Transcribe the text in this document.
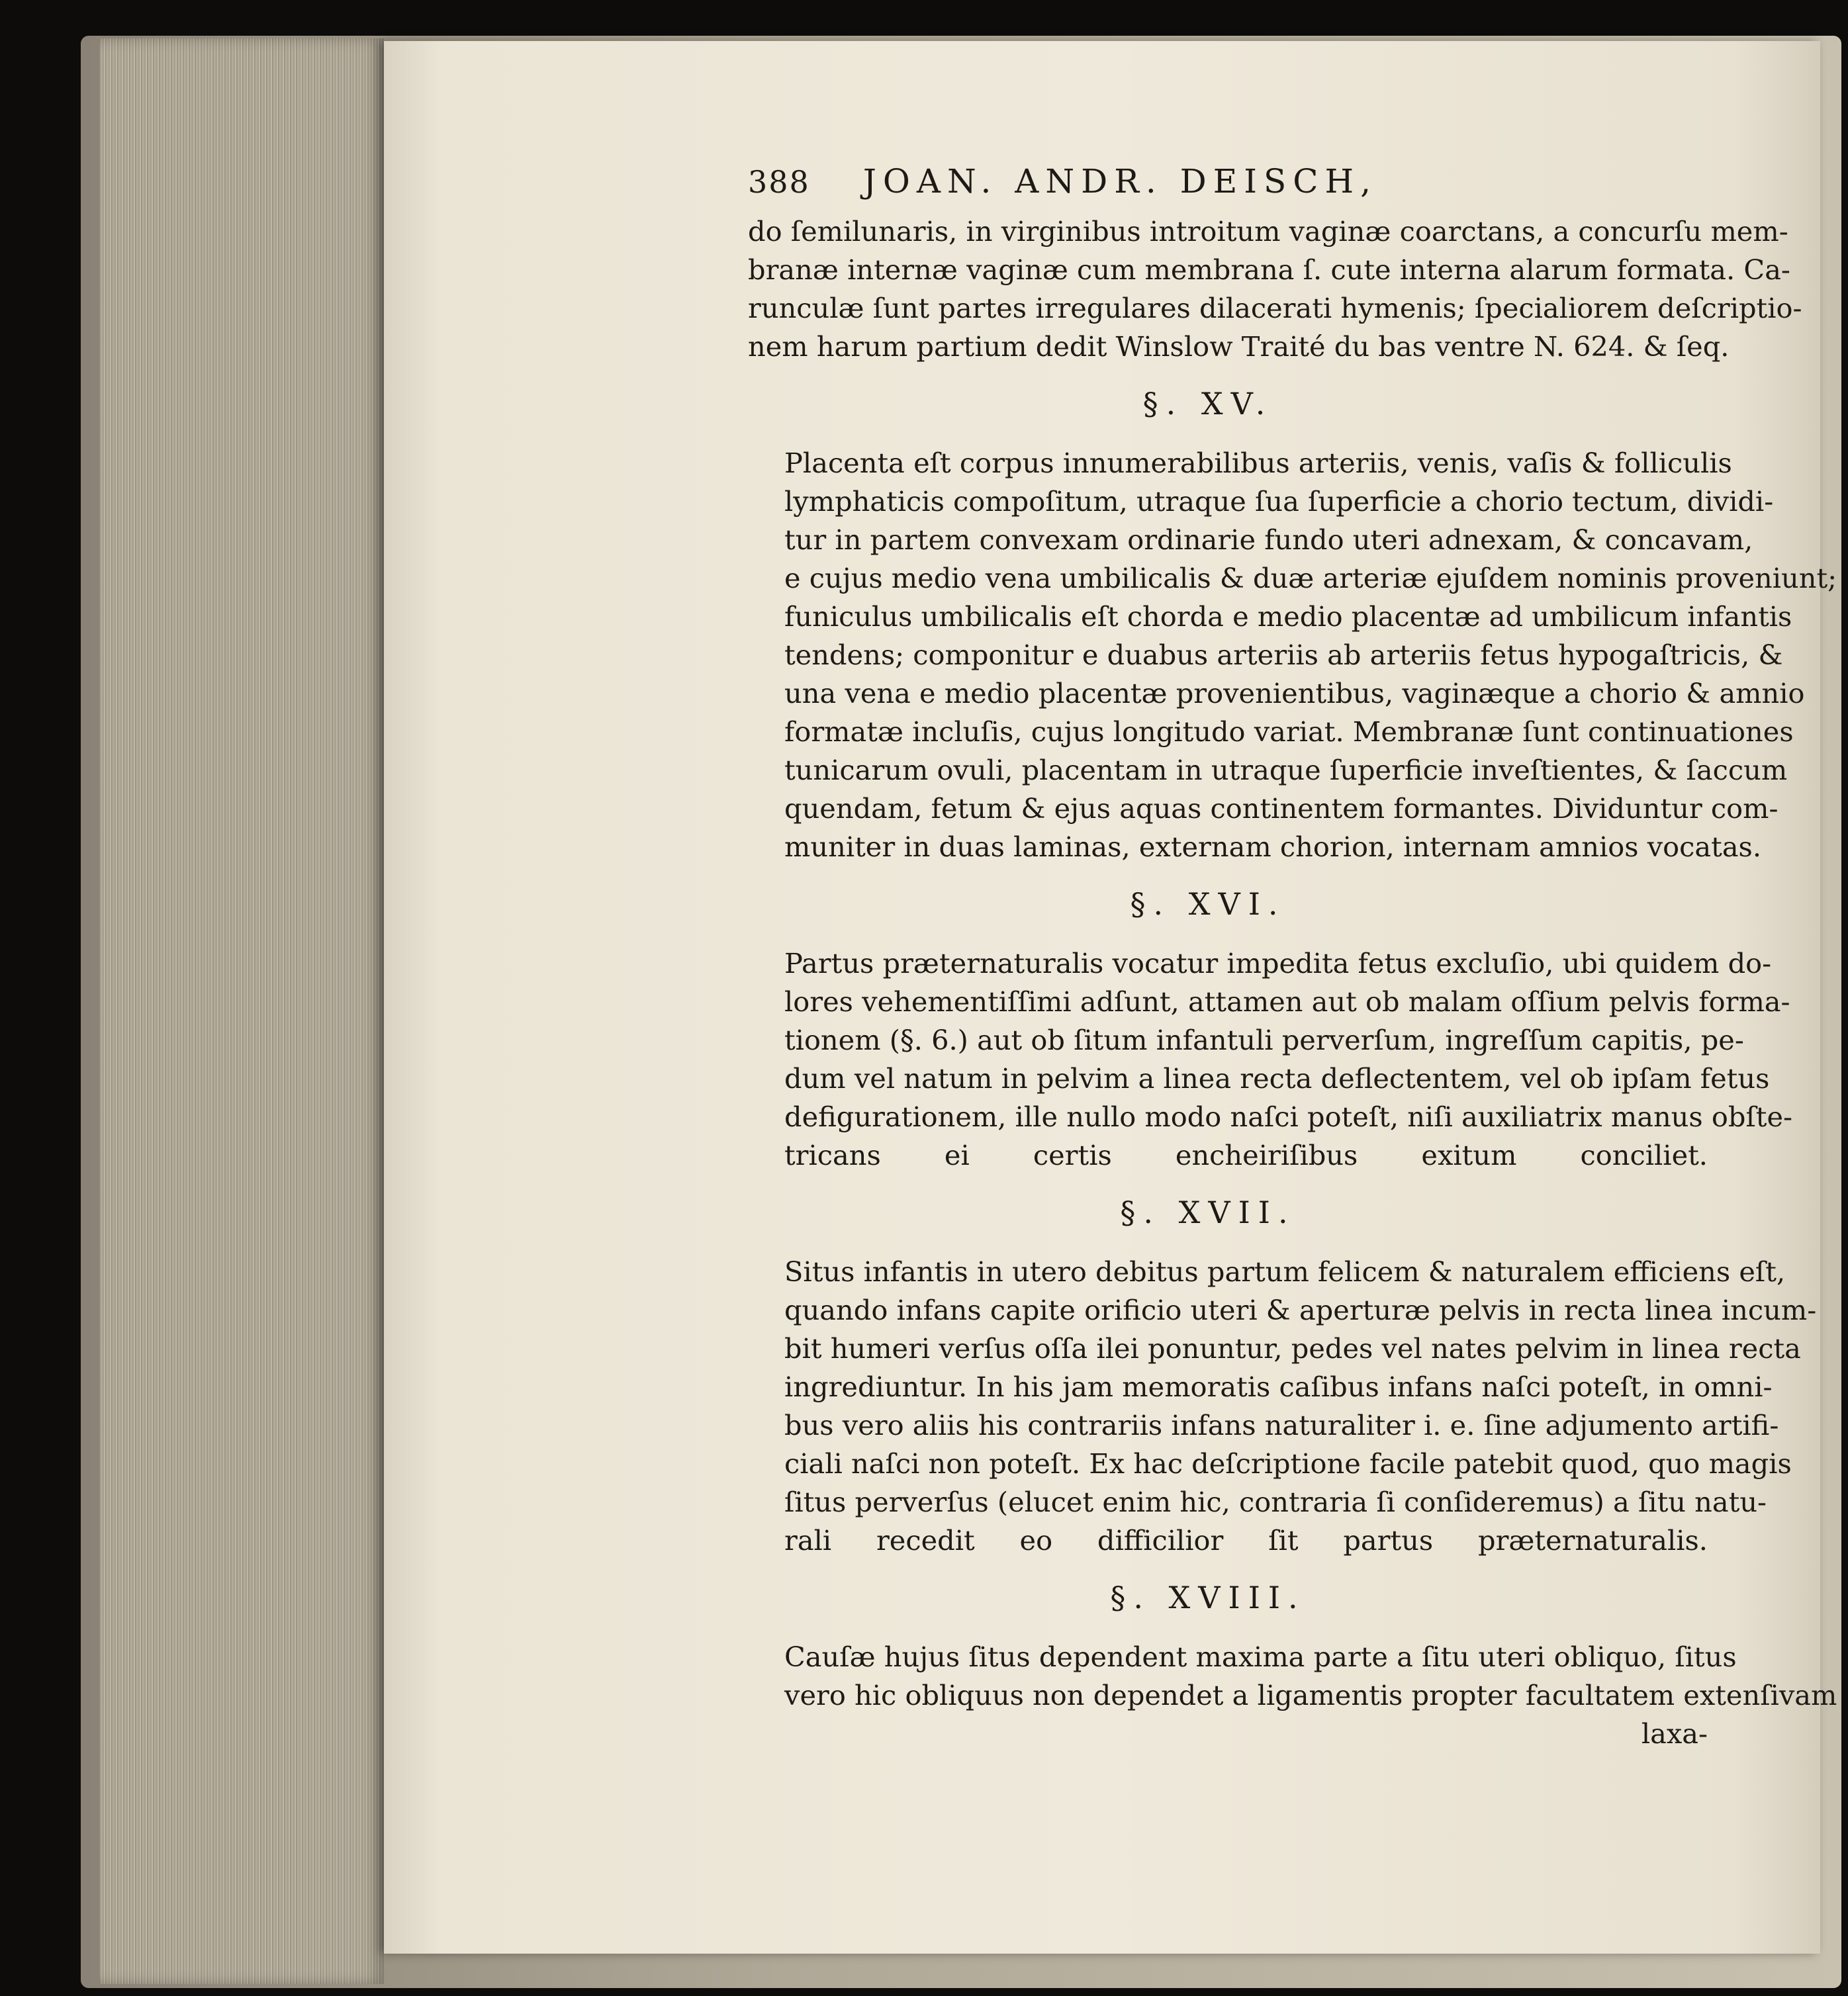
388 JOAN. ANDR. DEISCH,

do ſemilunaris, in virginibus introitum vaginæ coarctans, a concurſu mem-
branæ internæ vaginæ cum membrana ſ. cute interna alarum formata. Ca-
runculæ ſunt partes irregulares dilacerati hymenis; ſpecialiorem deſcriptio-
nem harum partium dedit Winslow Traité du bas ventre N. 624. & ſeq.

§. XV.

Placenta eſt corpus innumerabilibus arteriis, venis, vaſis & folliculis
lymphaticis compoſitum, utraque ſua ſuperficie a chorio tectum, dividi-
tur in partem convexam ordinarie fundo uteri adnexam, & concavam,
e cujus medio vena umbilicalis & duæ arteriæ ejuſdem nominis proveniunt;
funiculus umbilicalis eſt chorda e medio placentæ ad umbilicum infantis
tendens; componitur e duabus arteriis ab arteriis fetus hypogaſtricis, &
una vena e medio placentæ provenientibus, vaginæque a chorio & amnio
formatæ incluſis, cujus longitudo variat. Membranæ ſunt continuationes
tunicarum ovuli, placentam in utraque ſuperficie inveſtientes, & ſaccum
quendam, fetum & ejus aquas continentem formantes. Dividuntur com-
muniter in duas laminas, externam chorion, internam amnios vocatas.

§. XVI.

Partus præternaturalis vocatur impedita fetus excluſio, ubi quidem do-
lores vehementiſſimi adſunt, attamen aut ob malam oſſium pelvis forma-
tionem (§. 6.) aut ob ſitum infantuli perverſum, ingreſſum capitis, pe-
dum vel natum in pelvim a linea recta deflectentem, vel ob ipſam fetus
defigurationem, ille nullo modo naſci poteſt, niſi auxiliatrix manus obſte-
tricans ei certis encheiriſibus exitum conciliet.

§. XVII.

Situs infantis in utero debitus partum felicem & naturalem efficiens eſt,
quando infans capite orificio uteri & aperturæ pelvis in recta linea incum-
bit humeri verſus oſſa ilei ponuntur, pedes vel nates pelvim in linea recta
ingrediuntur. In his jam memoratis caſibus infans naſci poteſt, in omni-
bus vero aliis his contrariis infans naturaliter i. e. ſine adjumento artifi-
ciali naſci non poteſt. Ex hac deſcriptione facile patebit quod, quo magis
ſitus perverſus (elucet enim hic, contraria ſi conſideremus) a ſitu natu-
rali recedit eo difficilior ſit partus præternaturalis.

§. XVIII.

Cauſæ hujus ſitus dependent maxima parte a ſitu uteri obliquo, ſitus
vero hic obliquus non dependet a ligamentis propter facultatem extenſivam

laxa-
